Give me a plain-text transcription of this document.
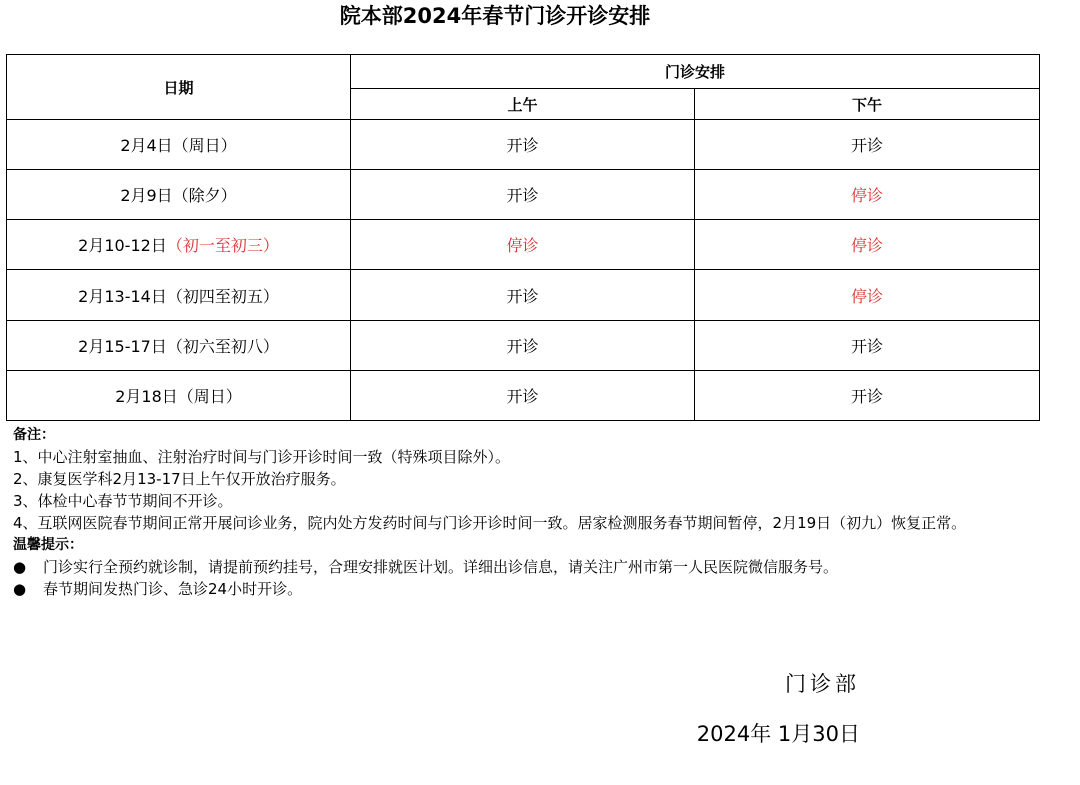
院本部2024年春节门诊开诊安排
日期	门诊安排	
	上午	下午
2月4日（周日）	开诊	开诊
2月9日（除夕）	开诊	停诊
2月10-12日（初一至初三）	停诊	停诊
2月13-14日（初四至初五）	开诊	停诊
2月15-17日（初六至初八）	开诊	开诊
2月18日（周日）	开诊	开诊
备注：
1、中心注射室抽血、注射治疗时间与门诊开诊时间一致（特殊项目除外）。
2、康复医学科2月13-17日上午仅开放治疗服务。
3、体检中心春节节期间不开诊。
4、互联网医院春节期间正常开展问诊业务，院内处方发药时间与门诊开诊时间一致。居家检测服务春节期间暂停，2月19日（初九）恢复正常。
温馨提示：
●	门诊实行全预约就诊制，请提前预约挂号，合理安排就医计划。详细出诊信息，请关注广州市第一人民医院微信服务号。
●	春节期间发热门诊、急诊24小时开诊。
门诊部
2024年 1月30日
